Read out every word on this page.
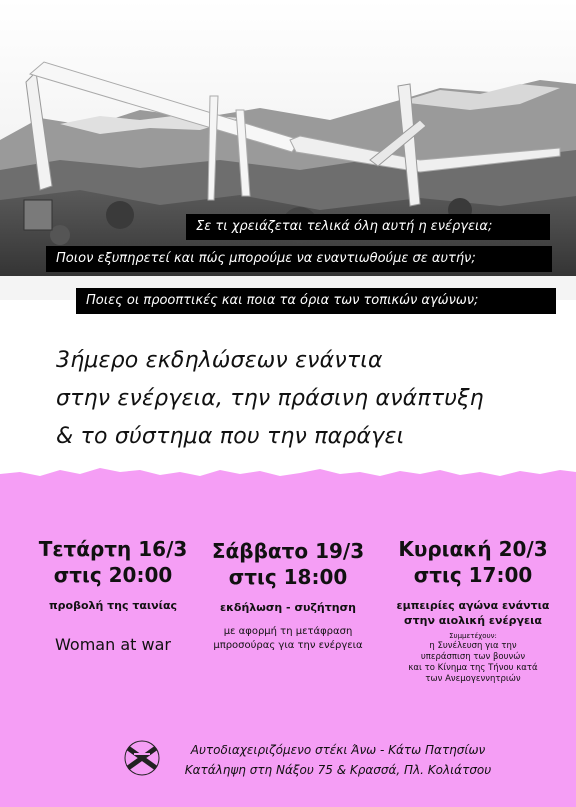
Σε τι χρειάζεται τελικά όλη αυτή η ενέργεια;
Ποιον εξυπηρετεί και πώς μπορούμε να εναντιωθούμε σε αυτήν;
Ποιες οι προοπτικές και ποια τα όρια των τοπικών αγώνων;
3ήμερο εκδηλώσεων ενάντια
στην ενέργεια, την πράσινη ανάπτυξη
& το σύστημα που την παράγει
Τετάρτη 16/3
στις 20:00
προβολή της ταινίας
Woman at war
Σάββατο 19/3
στις 18:00
εκδήλωση - συζήτηση
με αφορμή τη μετάφραση
μπροσούρας για την ενέργεια
Κυριακή 20/3
στις 17:00
εμπειρίες αγώνα ενάντια
στην αιολική ενέργεια
Συμμετέχουν:
η Συνέλευση για την
υπεράσπιση των βουνών
και το Κίνημα της Τήνου κατά
των Ανεμογεννητριών
Αυτοδιαχειριζόμενο στέκι Άνω - Κάτω Πατησίων
Κατάληψη στη Νάξου 75 & Κρασσά, Πλ. Κολιάτσου
